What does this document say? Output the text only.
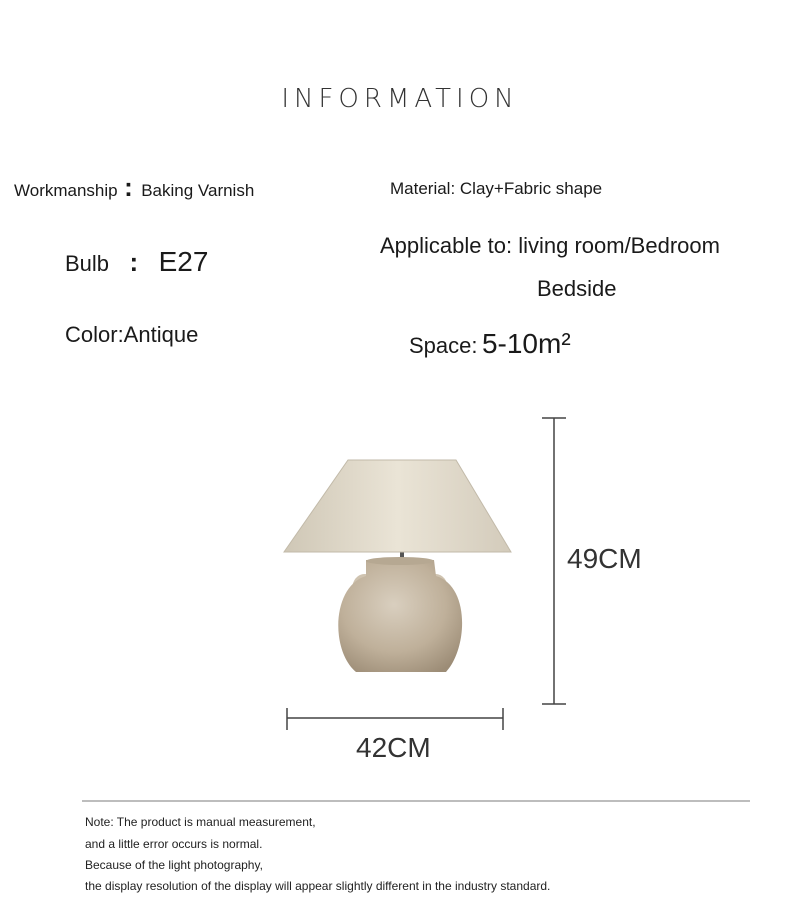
INFORMATION
Workmanship : Baking Varnish	Material: Clay+Fabric shape
Bulb : E27
Applicable to: living room/Bedroom
Bedside
Color:Antique	Space: 5-10m²
49CM
42CM
Note: The product is manual measurement,
and a little error occurs is normal.
Because of the light photography,
the display resolution of the display will appear slightly different in the industry standard.
